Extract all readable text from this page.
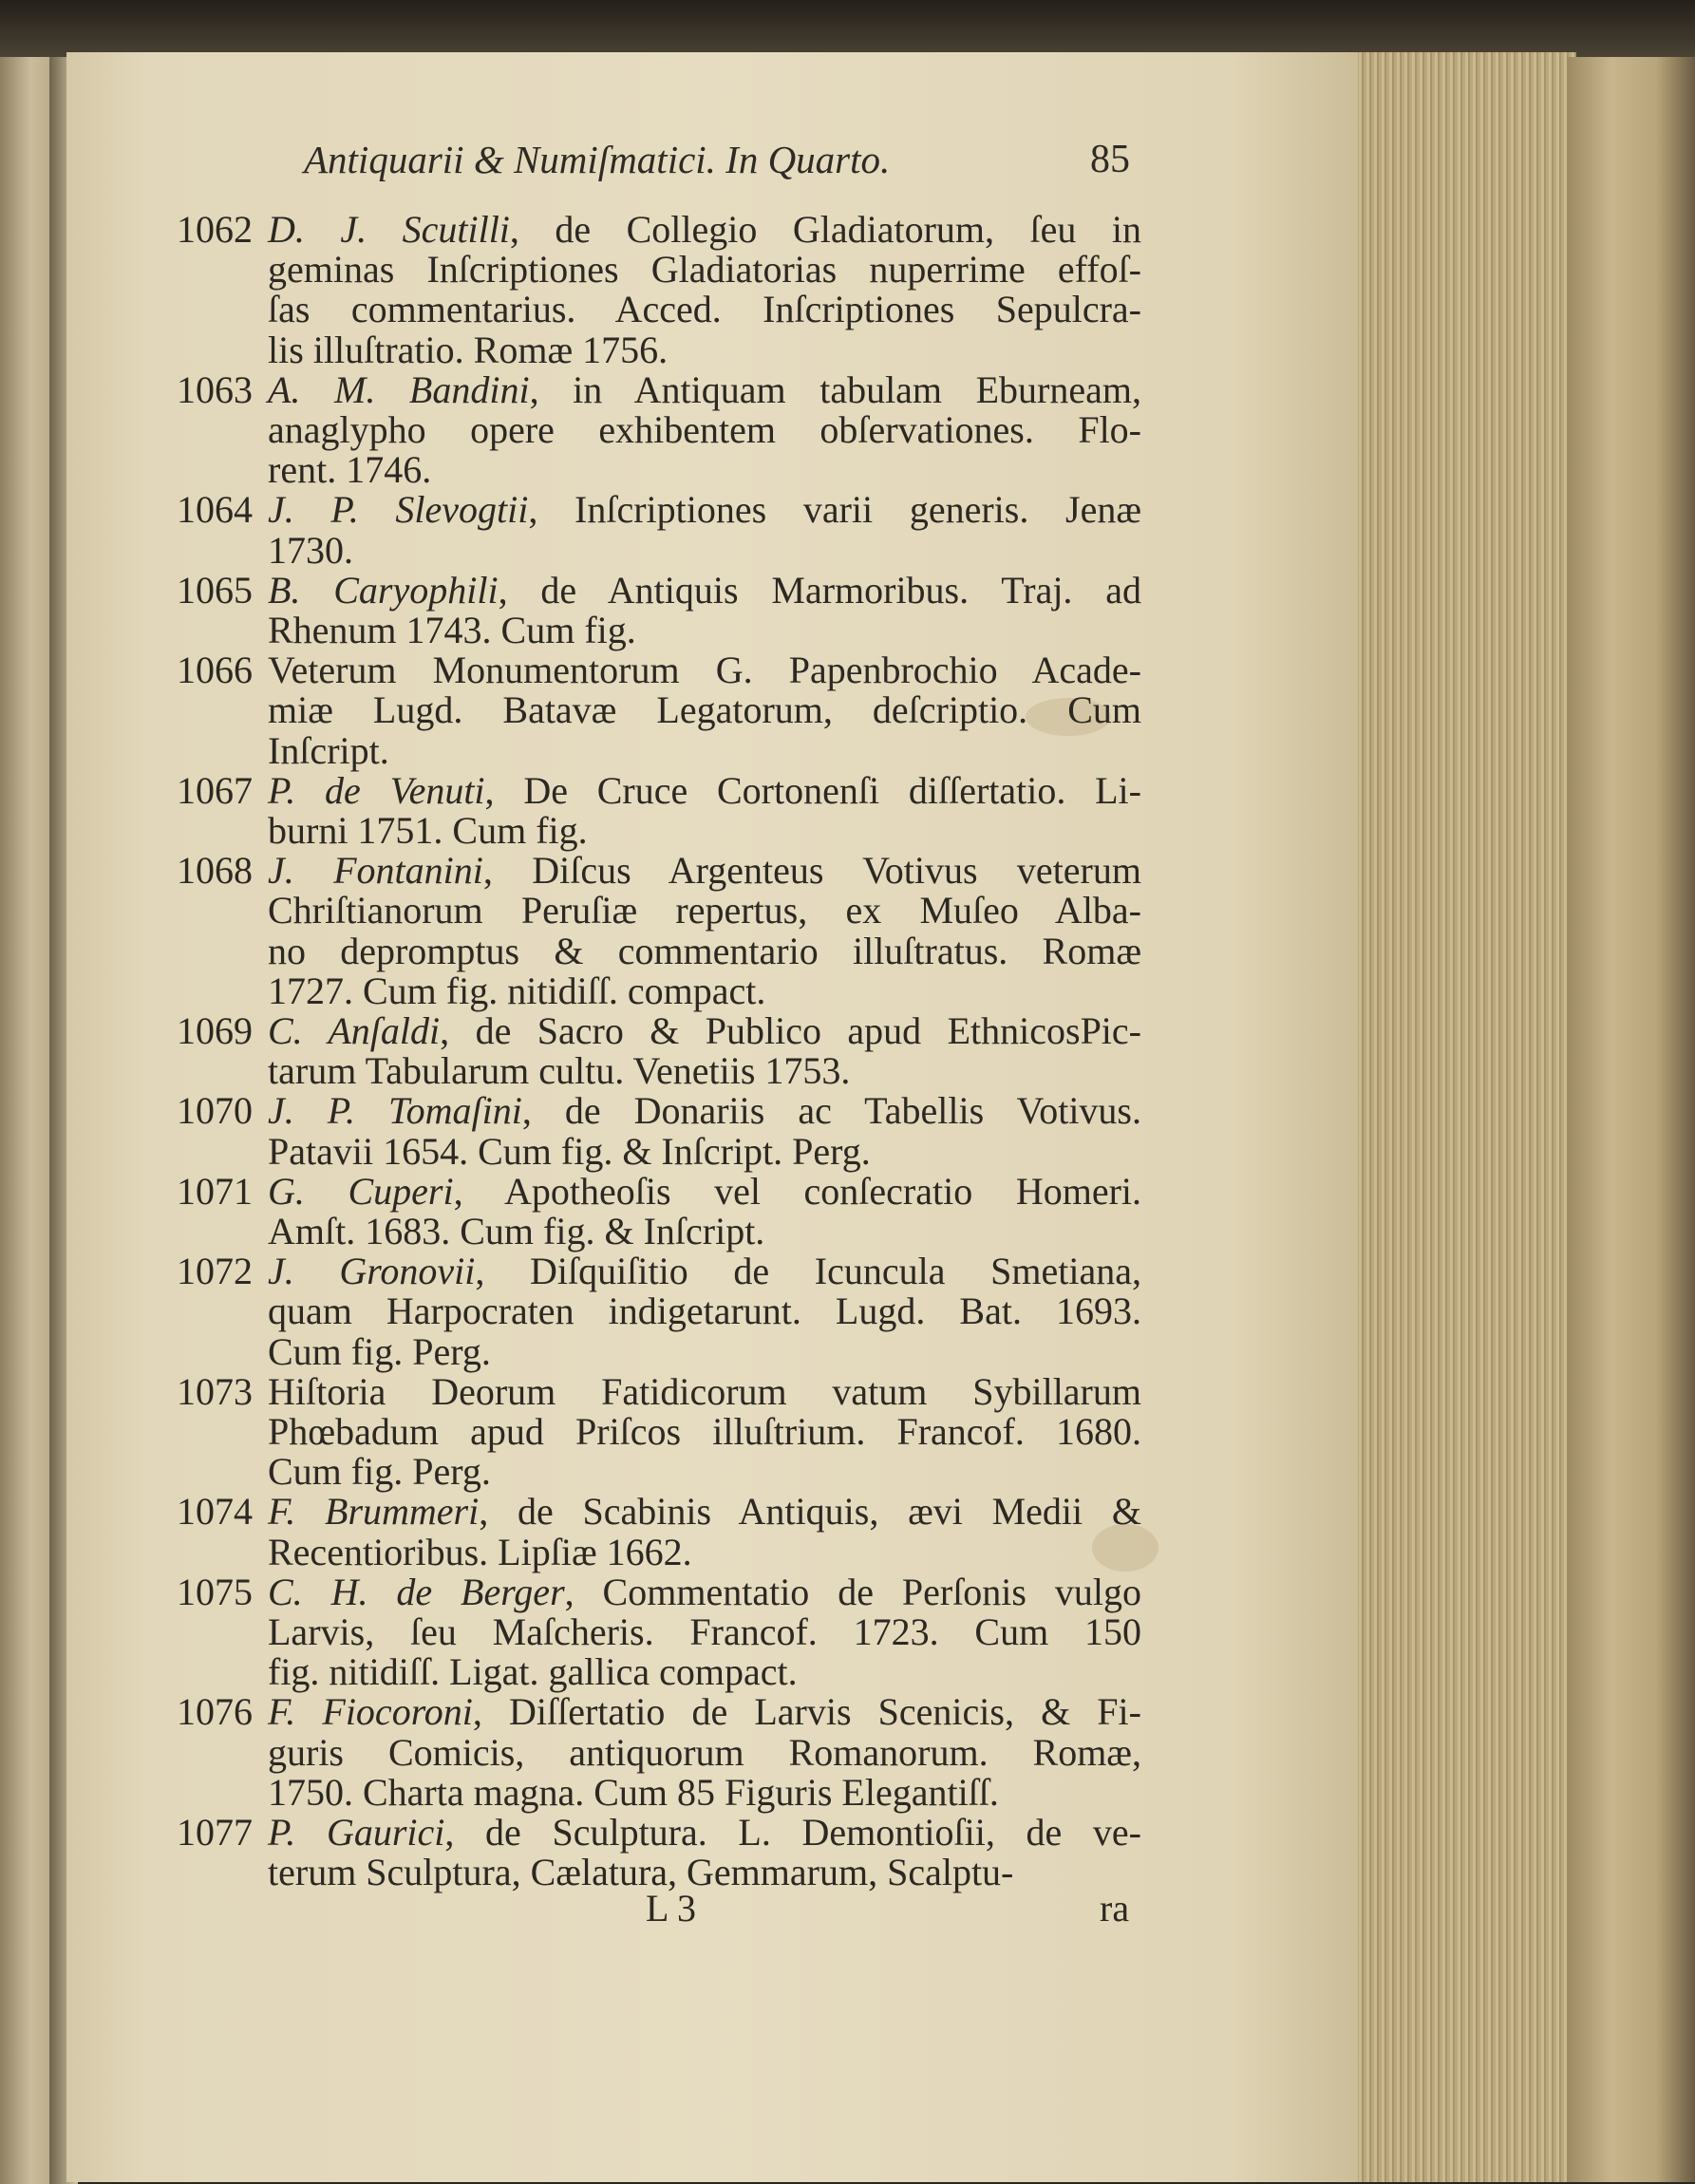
Antiquarii & Numiſmatici. In Quarto.	85
1062 D. J. Scutilli, de Collegio Gladiatorum, ſeu in
geminas Inſcriptiones Gladiatorias nuperrime effoſ-
ſas commentarius. Acced. Inſcriptiones Sepulcra-
lis illuſtratio. Romæ 1756.
1063 A. M. Bandini, in Antiquam tabulam Eburneam,
anaglypho opere exhibentem obſervationes. Flo-
rent. 1746.
1064 J. P. Slevogtii, Inſcriptiones varii generis. Jenæ
1730.
1065 B. Caryophili, de Antiquis Marmoribus. Traj. ad
Rhenum 1743. Cum fig.
1066 Veterum Monumentorum G. Papenbrochio Acade-
miæ Lugd. Batavæ Legatorum, deſcriptio. Cum
Inſcript.
1067 P. de Venuti, De Cruce Cortonenſi diſſertatio. Li-
burni 1751. Cum fig.
1068 J. Fontanini, Diſcus Argenteus Votivus veterum
Chriſtianorum Peruſiæ repertus, ex Muſeo Alba-
no depromptus & commentario illuſtratus. Romæ
1727. Cum fig. nitidiſſ. compact.
1069 C. Anſaldi, de Sacro & Publico apud EthnicosPic-
tarum Tabularum cultu. Venetiis 1753.
1070 J. P. Tomaſini, de Donariis ac Tabellis Votivus.
Patavii 1654. Cum fig. & Inſcript. Perg.
1071 G. Cuperi, Apotheoſis vel conſecratio Homeri.
Amſt. 1683. Cum fig. & Inſcript.
1072 J. Gronovii, Diſquiſitio de Icuncula Smetiana,
quam Harpocraten indigetarunt. Lugd. Bat. 1693.
Cum fig. Perg.
1073 Hiſtoria Deorum Fatidicorum vatum Sybillarum
Phœbadum apud Priſcos illuſtrium. Francof. 1680.
Cum fig. Perg.
1074 F. Brummeri, de Scabinis Antiquis, ævi Medii &
Recentioribus. Lipſiæ 1662.
1075 C. H. de Berger, Commentatio de Perſonis vulgo
Larvis, ſeu Maſcheris. Francof. 1723. Cum 150
fig. nitidiſſ. Ligat. gallica compact.
1076 F. Fiocoroni, Diſſertatio de Larvis Scenicis, & Fi-
guris Comicis, antiquorum Romanorum. Romæ,
1750. Charta magna. Cum 85 Figuris Elegantiſſ.
1077 P. Gaurici, de Sculptura. L. Demontioſii, de ve-
terum Sculptura, Cælatura, Gemmarum, Scalptu-
L 3	ra
